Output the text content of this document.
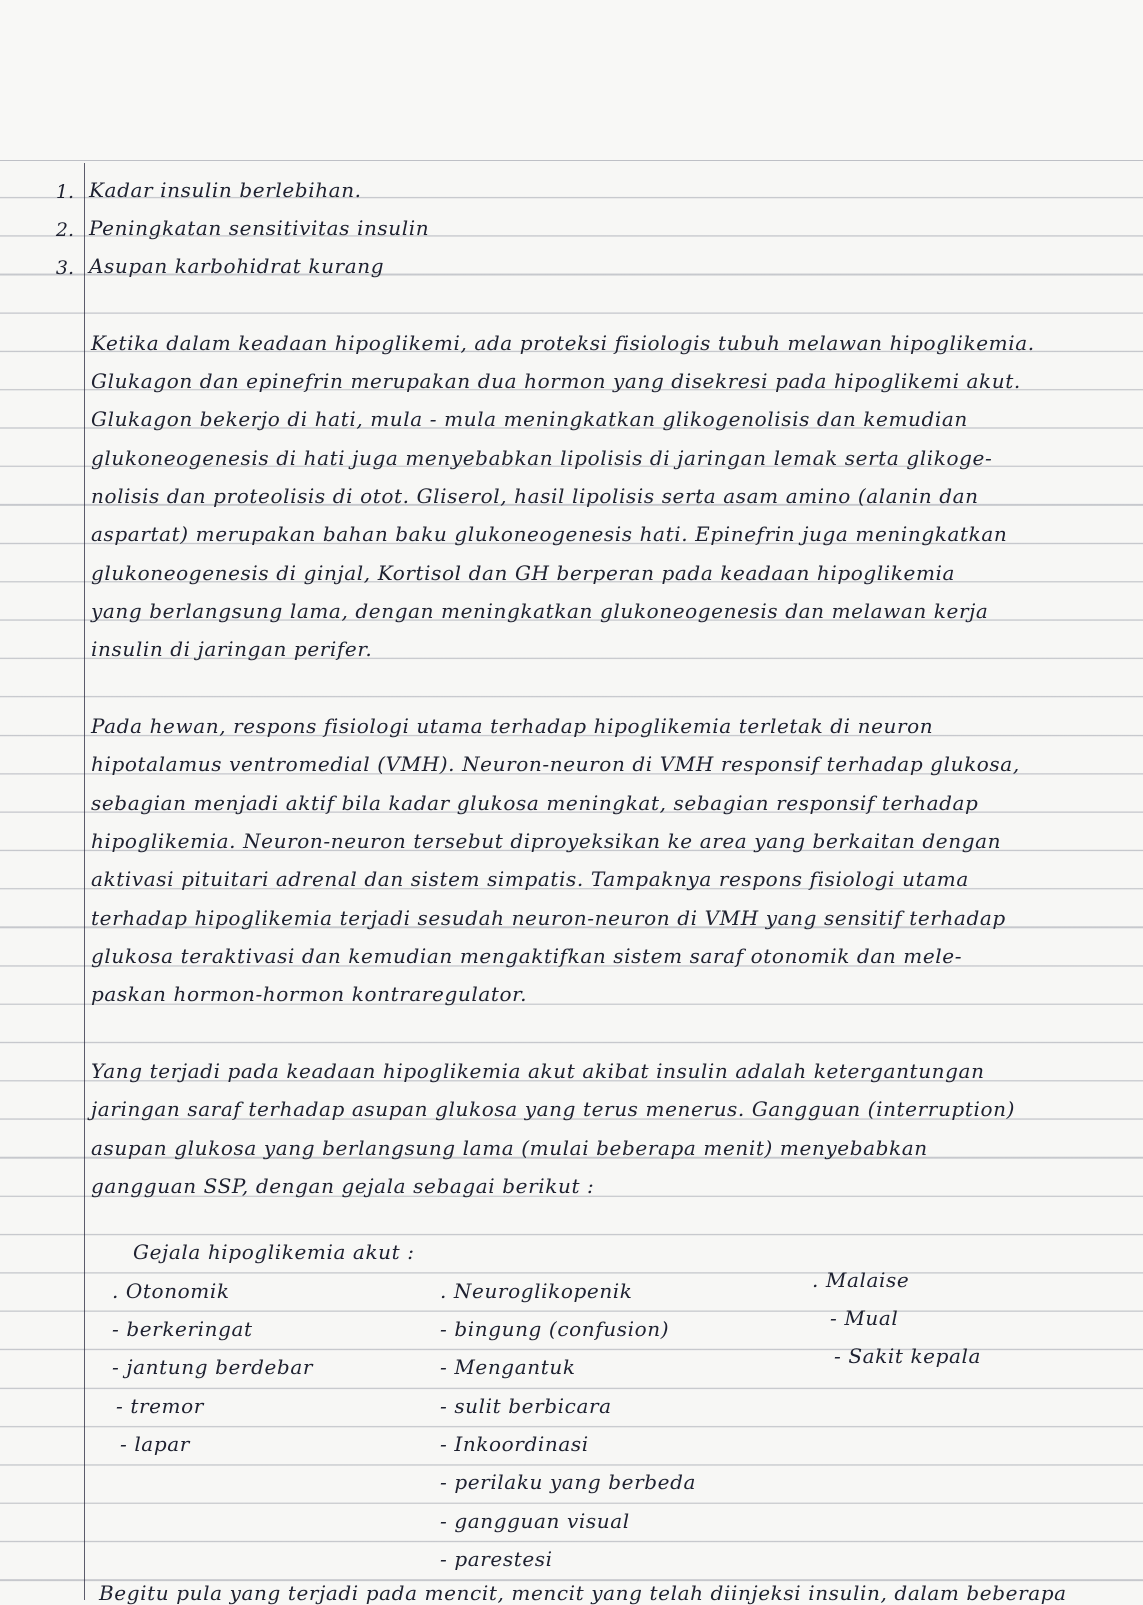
1. Kadar insulin berlebihan.

2. Peningkatan sensitivitas insulin

3. Asupan karbohidrat kurang

Ketika dalam keadaan hipoglikemi, ada proteksi fisiologis tubuh melawan hipoglikemia.

Glukagon dan epinefrin merupakan dua hormon yang disekresi pada hipoglikemi akut.

Glukagon bekerjo di hati, mula - mula meningkatkan glikogenolisis dan kemudian

glukoneogenesis di hati juga menyebabkan lipolisis di jaringan lemak serta glikoge-

nolisis dan proteolisis di otot. Gliserol, hasil lipolisis serta asam amino (alanin dan

aspartat) merupakan bahan baku glukoneogenesis hati. Epinefrin juga meningkatkan

glukoneogenesis di ginjal, Kortisol dan GH berperan pada keadaan hipoglikemia

yang berlangsung lama, dengan meningkatkan glukoneogenesis dan melawan kerja

insulin di jaringan perifer.

Pada hewan, respons fisiologi utama terhadap hipoglikemia terletak di neuron

hipotalamus ventromedial (VMH). Neuron-neuron di VMH responsif terhadap glukosa,

sebagian menjadi aktif bila kadar glukosa meningkat, sebagian responsif terhadap

hipoglikemia. Neuron-neuron tersebut diproyeksikan ke area yang berkaitan dengan

aktivasi pituitari adrenal dan sistem simpatis. Tampaknya respons fisiologi utama

terhadap hipoglikemia terjadi sesudah neuron-neuron di VMH yang sensitif terhadap

glukosa teraktivasi dan kemudian mengaktifkan sistem saraf otonomik dan mele-

paskan hormon-hormon kontraregulator.

Yang terjadi pada keadaan hipoglikemia akut akibat insulin adalah ketergantungan

jaringan saraf terhadap asupan glukosa yang terus menerus. Gangguan (interruption)

asupan glukosa yang berlangsung lama (mulai beberapa menit) menyebabkan

gangguan SSP, dengan gejala sebagai berikut :

Gejala hipoglikemia akut :

. Otonomik

- berkeringat

- jantung berdebar

- tremor

- lapar

. Neuroglikopenik

- bingung (confusion)

- Mengantuk

- sulit berbicara

- Inkoordinasi

- perilaku yang berbeda

- gangguan visual

- parestesi

. Malaise

- Mual

- Sakit kepala

Begitu pula yang terjadi pada mencit, mencit yang telah diinjeksi insulin, dalam beberapa
